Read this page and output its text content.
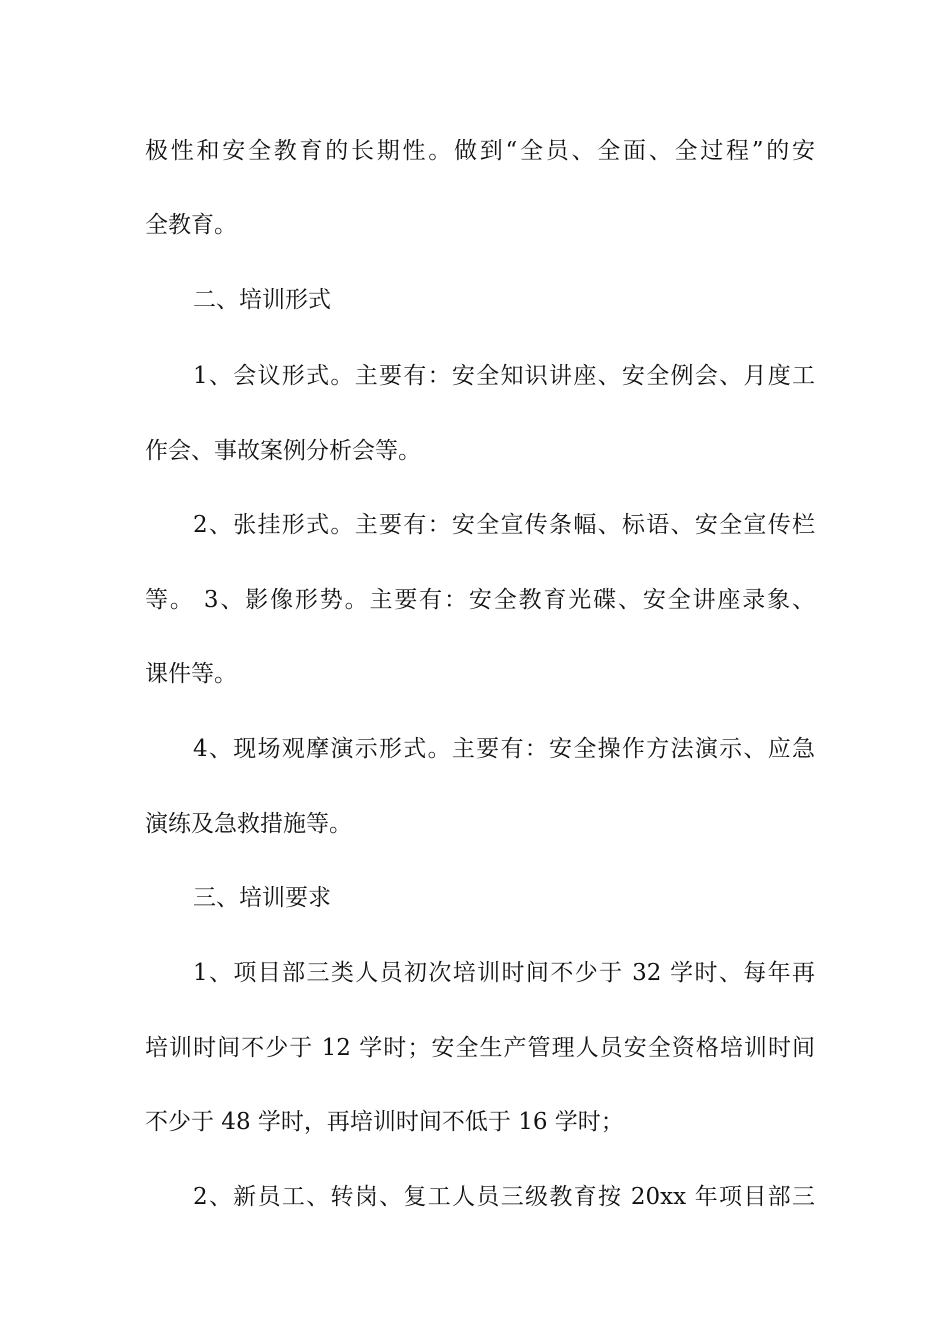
极性和安全教育的长期性。做到“全员、全面、全过程”的安
全教育。
二、培训形式
1、会议形式。主要有：安全知识讲座、安全例会、月度工
作会、事故案例分析会等。
2、张挂形式。主要有：安全宣传条幅、标语、安全宣传栏
等。 3、影像形势。主要有：安全教育光碟、安全讲座录象、
课件等。
4、现场观摩演示形式。主要有：安全操作方法演示、应急
演练及急救措施等。
三、培训要求
1、项目部三类人员初次培训时间不少于 32 学时、每年再
培训时间不少于 12 学时；安全生产管理人员安全资格培训时间
不少于 48 学时，再培训时间不低于 16 学时；
2、新员工、转岗、复工人员三级教育按 20xx 年项目部三
